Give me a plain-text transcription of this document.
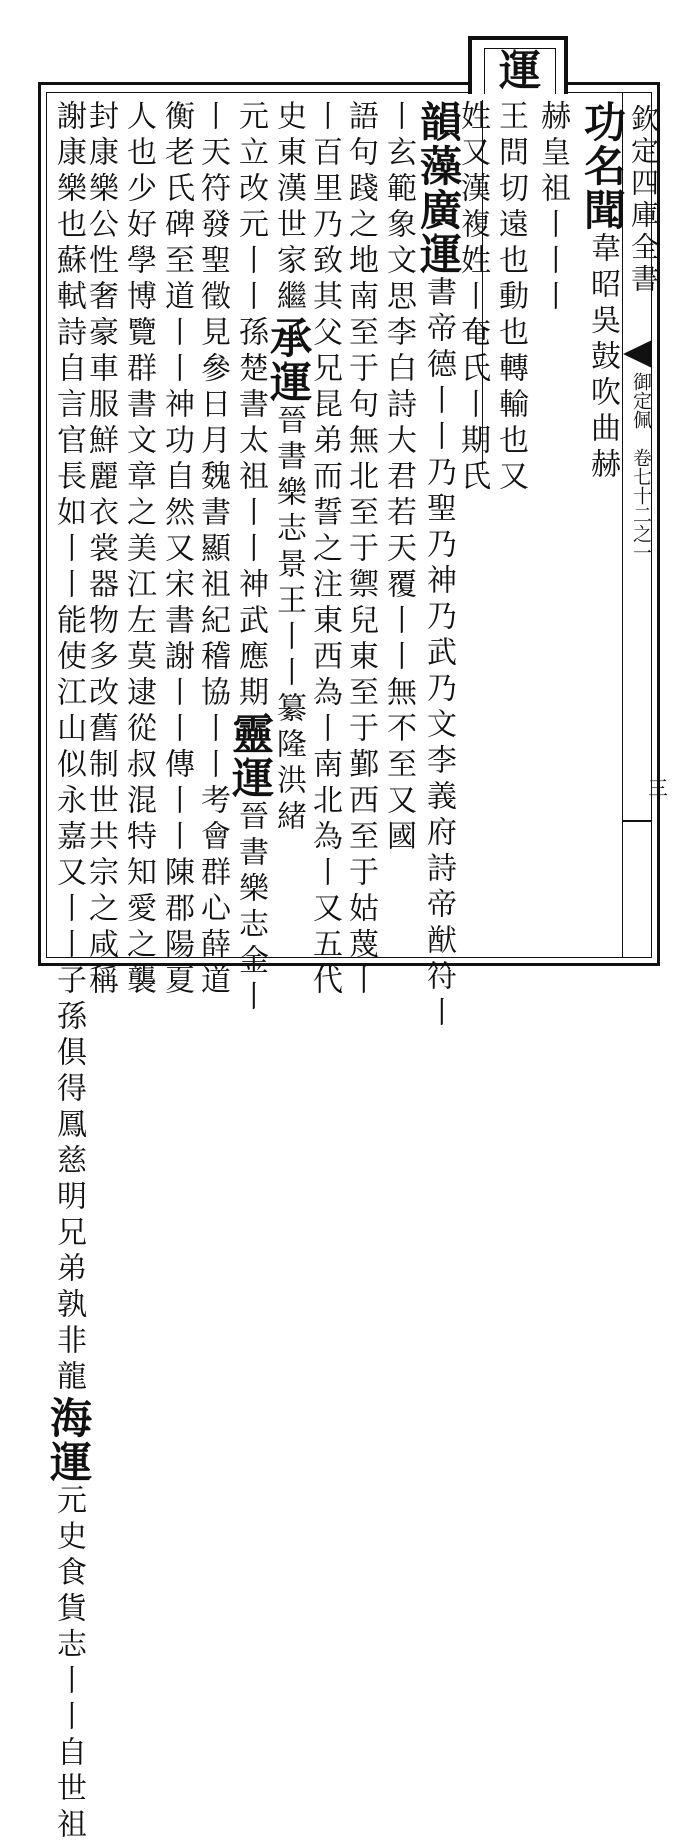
運
欽定四庫全書
御定佩
卷七十二之一
三
功名聞韋昭吳鼓吹曲赫
赫皇祖丨丨丨
王問切遠也動也轉輸也又
姓又漢複姓丨奄氏丨期氏
韻藻廣運書帝德丨丨乃聖乃神乃武乃文李義府詩帝猷符丨
丨玄範象文思李白詩大君若天覆丨丨無不至又國
語句踐之地南至于句無北至于禦兒東至于鄞西至于姑蔑丨
丨百里乃致其父兄昆弟而誓之注東西為丨南北為丨又五代
史東漢世家繼承運晉書樂志景王丨丨纂隆洪緒
元立改元丨丨孫楚書太祖丨丨神武應期靈運晉書樂志金丨
丨天符發聖徵見參日月魏書顯祖紀稽協丨丨考會群心薛道
衡老氏碑至道丨丨神功自然又宋書謝丨丨傳丨丨陳郡陽夏
人也少好學博覽群書文章之美江左莫逮從叔混特知愛之襲
封康樂公性奢豪車服鮮麗衣裳器物多改舊制世共宗之咸稱
謝康樂也蘇軾詩自言官長如丨丨能使江山似永嘉又丨丨子孫俱得鳳慈明兄弟孰非龍海運元史食貨志丨丨自世祖
